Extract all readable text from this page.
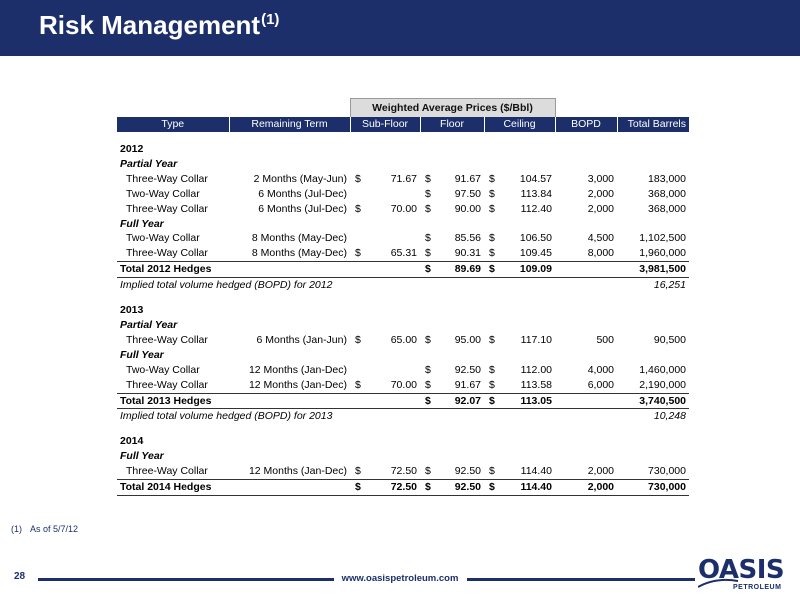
Risk Management$^{(1)}$
		Weighted Average Prices ($/Bbl)				
Type	Remaining Term	Sub-Floor	Floor	Ceiling	BOPD	Total Barrels

2012						
Partial Year						
Three-Way Collar	2 Months (May-Jun)	$ 71.67	$ 91.67	$ 104.57	3,000	183,000
Two-Way Collar	6 Months (Jul-Dec)		$ 97.50	$ 113.84	2,000	368,000
Three-Way Collar	6 Months (Jul-Dec)	$ 70.00	$ 90.00	$ 112.40	2,000	368,000
Full Year						
Two-Way Collar	8 Months (May-Dec)		$ 85.56	$ 106.50	4,500	1,102,500
Three-Way Collar	8 Months (May-Dec)	$ 65.31	$ 90.31	$ 109.45	8,000	1,960,000
Total 2012 Hedges			$ 89.69	$ 109.09		3,981,500
Implied total volume hedged (BOPD) for 2012						16,251

2013						
Partial Year						
Three-Way Collar	6 Months (Jan-Jun)	$ 65.00	$ 95.00	$ 117.10	500	90,500
Full Year						
Two-Way Collar	12 Months (Jan-Dec)		$ 92.50	$ 112.00	4,000	1,460,000
Three-Way Collar	12 Months (Jan-Dec)	$ 70.00	$ 91.67	$ 113.58	6,000	2,190,000
Total 2013 Hedges			$ 92.07	$ 113.05		3,740,500
Implied total volume hedged (BOPD) for 2013						10,248

2014						
Full Year						
Three-Way Collar	12 Months (Jan-Dec)	$ 72.50	$ 92.50	$ 114.40	2,000	730,000
Total 2014 Hedges		$ 72.50	$ 92.50	$ 114.40	2,000	730,000
(1) As of 5/7/12
28	www.oasispetroleum.com	OASIS
PETROLEUM
